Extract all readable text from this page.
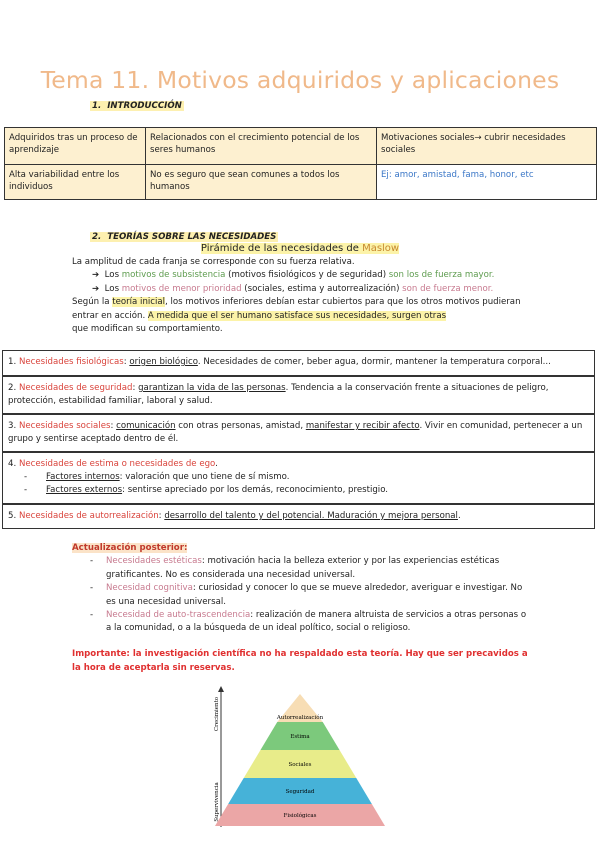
Tema 11. Motivos adquiridos y aplicaciones
1. INTRODUCCIÓN
Adquiridos tras un proceso de aprendizaje	Relacionados con el crecimiento potencial de los seres humanos	Motivaciones sociales→ cubrir necesidades sociales
Alta variabilidad entre los individuos	No es seguro que sean comunes a todos los humanos	Ej: amor, amistad, fama, honor, etc
2. TEORÍAS SOBRE LAS NECESIDADES
Pirámide de las necesidades de Maslow
La amplitud de cada franja se corresponde con su fuerza relativa.
➔ Los motivos de subsistencia (motivos fisiológicos y de seguridad) son los de fuerza mayor.
➔ Los motivos de menor prioridad (sociales, estima y autorrealización) son de fuerza menor.
Según la teoría inicial, los motivos inferiores debían estar cubiertos para que los otros motivos pudieran entrar en acción. A medida que el ser humano satisface sus necesidades, surgen otras
que modifican su comportamiento.
1. Necesidades fisiológicas: origen biológico. Necesidades de comer, beber agua, dormir, mantener la temperatura corporal...
2. Necesidades de seguridad: garantizan la vida de las personas. Tendencia a la conservación frente a situaciones de peligro, protección, estabilidad familiar, laboral y salud.
3. Necesidades sociales: comunicación con otras personas, amistad, manifestar y recibir afecto. Vivir en comunidad, pertenecer a un grupo y sentirse aceptado dentro de él.
4. Necesidades de estima o necesidades de ego.
- Factores internos: valoración que uno tiene de sí mismo.
- Factores externos: sentirse apreciado por los demás, reconocimiento, prestigio.
5. Necesidades de autorrealización: desarrollo del talento y del potencial. Maduración y mejora personal.
Actualización posterior:
-	Necesidades estéticas: motivación hacia la belleza exterior y por las experiencias estéticas gratificantes. No es considerada una necesidad universal.
-	Necesidad cognitiva: curiosidad y conocer lo que se mueve alrededor, averiguar e investigar. No es una necesidad universal.
-	Necesidad de auto-trascendencia: realización de manera altruista de servicios a otras personas o a la comunidad, o a la búsqueda de un ideal político, social o religioso.
Importante: la investigación científica no ha respaldado esta teoría. Hay que ser precavidos a la hora de aceptarla sin reservas.
Crecimiento
Supervivencia
Autorrealización
Estima
Sociales
Seguridad
Fisiológicas
